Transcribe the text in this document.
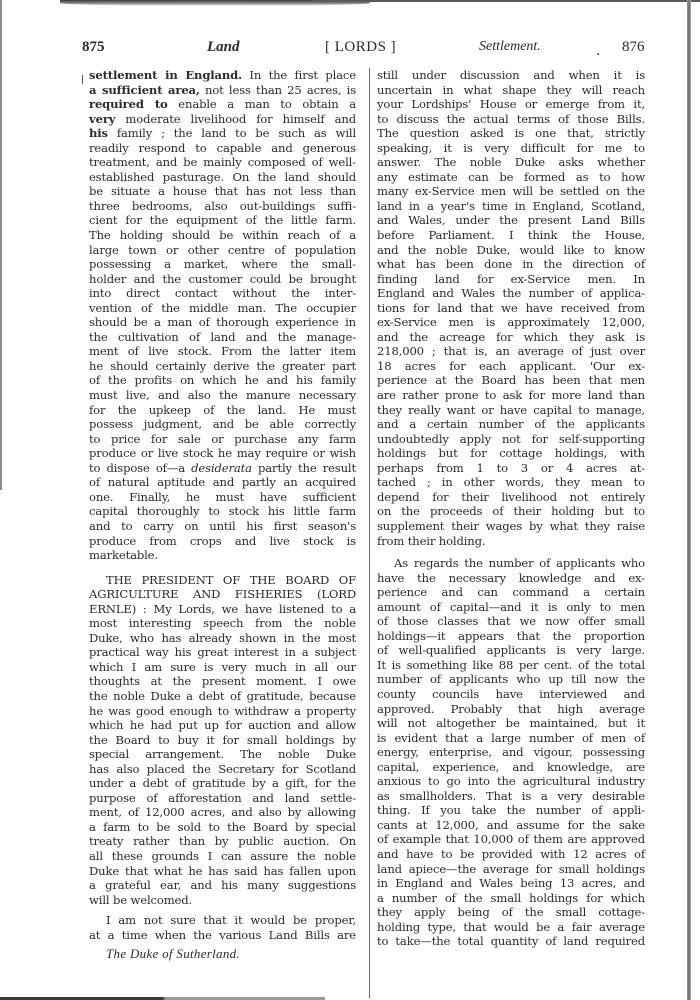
875	Land	[ LORDS ]	Settlement.	. 876
settlement in England. In the first place
a sufficient area, not less than 25 acres, is
required to enable a man to obtain a
very moderate livelihood for himself and
his family ; the land to be such as will
readily respond to capable and generous
treatment, and be mainly composed of well-
established pasturage. On the land should
be situate a house that has not less than
three bedrooms, also out-buildings suffi-
cient for the equipment of the little farm.
The holding should be within reach of a
large town or other centre of population
possessing a market, where the small-
holder and the customer could be brought
into direct contact without the inter-
vention of the middle man. The occupier
should be a man of thorough experience in
the cultivation of land and the manage-
ment of live stock. From the latter item
he should certainly derive the greater part
of the profits on which he and his family
must live, and also the manure necessary
for the upkeep of the land. He must
possess judgment, and be able correctly
to price for sale or purchase any farm
produce or live stock he may require or wish
to dispose of—a desiderata partly the result
of natural aptitude and partly an acquired
one. Finally, he must have sufficient
capital thoroughly to stock his little farm
and to carry on until his first season's
produce from crops and live stock is
marketable.
THE PRESIDENT OF THE BOARD OF
AGRICULTURE AND FISHERIES (LORD
ERNLE) : My Lords, we have listened to a
most interesting speech from the noble
Duke, who has already shown in the most
practical way his great interest in a subject
which I am sure is very much in all our
thoughts at the present moment. I owe
the noble Duke a debt of gratitude, because
he was good enough to withdraw a property
which he had put up for auction and allow
the Board to buy it for small holdings by
special arrangement. The noble Duke
has also placed the Secretary for Scotland
under a debt of gratitude by a gift, for the
purpose of afforestation and land settle-
ment, of 12,000 acres, and also by allowing
a farm to be sold to the Board by special
treaty rather than by public auction. On
all these grounds I can assure the noble
Duke that what he has said has fallen upon
a grateful ear, and his many suggestions
will be welcomed.
I am not sure that it would be proper,
at a time when the various Land Bills are
The Duke of Sutherland.
still under discussion and when it is
uncertain in what shape they will reach
your Lordships' House or emerge from it,
to discuss the actual terms of those Bills.
The question asked is one that, strictly
speaking, it is very difficult for me to
answer. The noble Duke asks whether
any estimate can be formed as to how
many ex-Service men will be settled on the
land in a year's time in England, Scotland,
and Wales, under the present Land Bills
before Parliament. I think the House,
and the noble Duke, would like to know
what has been done in the direction of
finding land for ex-Service men. In
England and Wales the number of applica-
tions for land that we have received from
ex-Service men is approximately 12,000,
and the acreage for which they ask is
218,000 ; that is, an average of just over
18 acres for each applicant. 'Our ex-
perience at the Board has been that men
are rather prone to ask for more land than
they really want or have capital to manage,
and a certain number of the applicants
undoubtedly apply not for self-supporting
holdings but for cottage holdings, with
perhaps from 1 to 3 or 4 acres at-
tached ; in other words, they mean to
depend for their livelihood not entirely
on the proceeds of their holding but to
supplement their wages by what they raise
from their holding.
As regards the number of applicants who
have the necessary knowledge and ex-
perience and can command a certain
amount of capital—and it is only to men
of those classes that we now offer small
holdings—it appears that the proportion
of well-qualified applicants is very large.
It is something like 88 per cent. of the total
number of applicants who up till now the
county councils have interviewed and
approved. Probably that high average
will not altogether be maintained, but it
is evident that a large number of men of
energy, enterprise, and vigour, possessing
capital, experience, and knowledge, are
anxious to go into the agricultural industry
as smallholders. That is a very desirable
thing. If you take the number of appli-
cants at 12,000, and assume for the sake
of example that 10,000 of them are approved
and have to be provided with 12 acres of
land apiece—the average for small holdings
in England and Wales being 13 acres, and
a number of the small holdings for which
they apply being of the small cottage-
holding type, that would be a fair average
to take—the total quantity of land required
